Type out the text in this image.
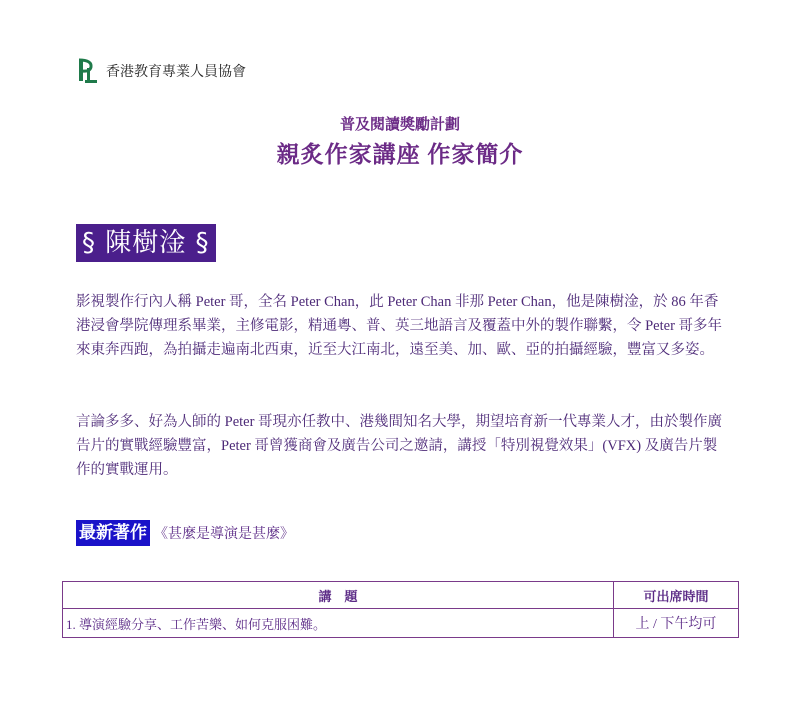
香港教育專業人員協會
普及閱讀獎勵計劃
親炙作家講座 作家簡介
§ 陳樹淦 §

影視製作行內人稱 Peter 哥，全名 Peter Chan，此 Peter Chan 非那 Peter Chan，他是陳樹淦，於 86 年香港浸會學院傳理系畢業，主修電影，精通粵、普、英三地語言及覆蓋中外的製作聯繫，令 Peter 哥多年來東奔西跑，為拍攝走遍南北西東，近至大江南北，遠至美、加、歐、亞的拍攝經驗，豐富又多姿。

言論多多、好為人師的 Peter 哥現亦任教中、港幾間知名大學，期望培育新一代專業人才，由於製作廣告片的實戰經驗豐富，Peter 哥曾獲商會及廣告公司之邀請，講授「特別視覺效果」(VFX) 及廣告片製作的實戰運用。

最新著作 《甚麼是導演是甚麼》
講　題	可出席時間
1. 導演經驗分享、工作苦樂、如何克服困難。	上 / 下午均可
